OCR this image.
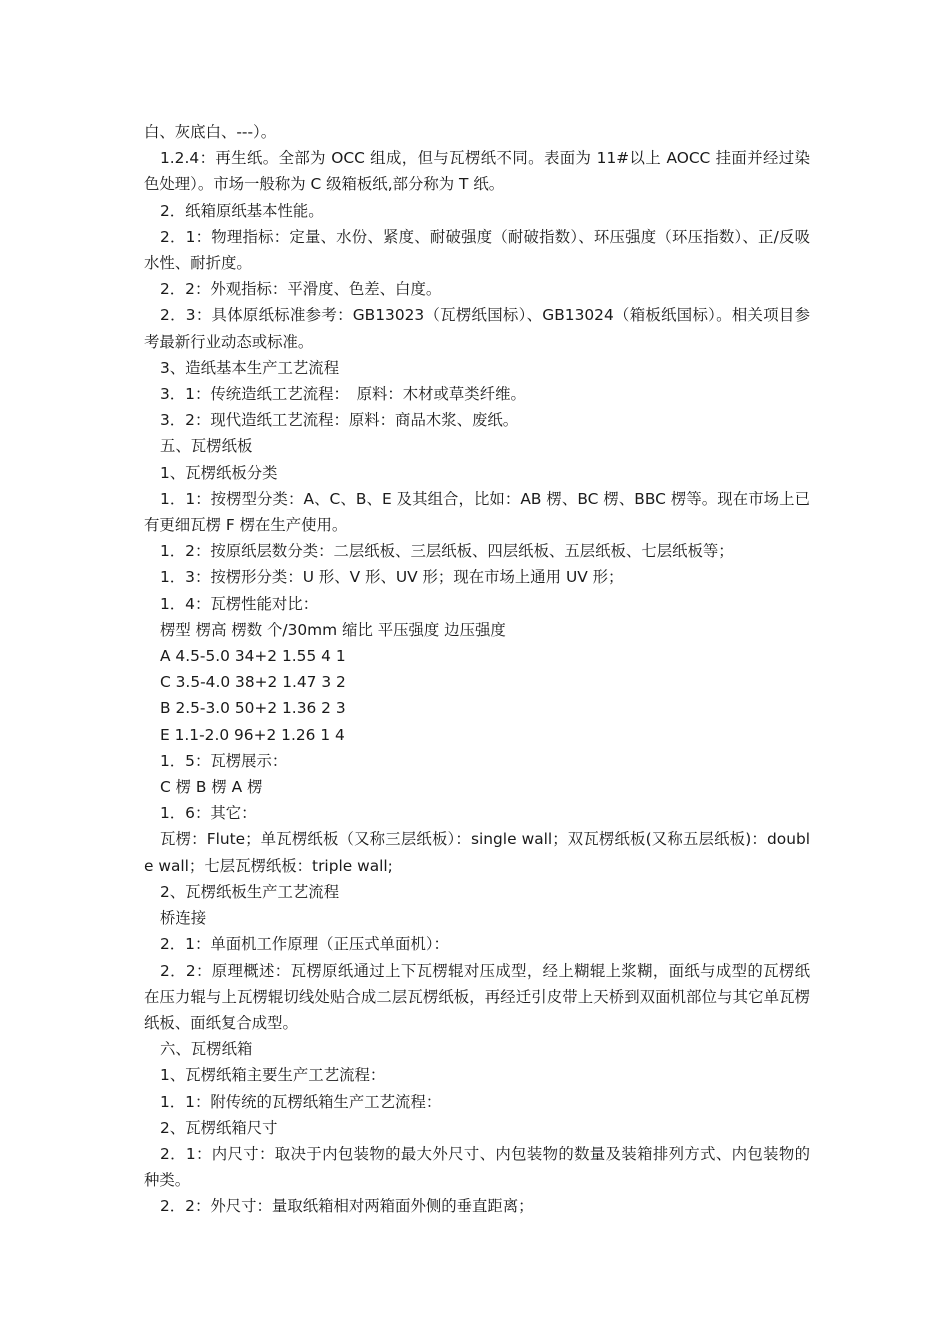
白、灰底白、---）。

1.2.4：再生纸。全部为 OCC 组成，但与瓦楞纸不同。表面为 11#以上 AOCC 挂面并经过染色处理）。市场一般称为 C 级箱板纸,部分称为 T 纸。

2．纸箱原纸基本性能。

2．1：物理指标：定量、水份、紧度、耐破强度（耐破指数）、环压强度（环压指数）、正/反吸水性、耐折度。

2．2：外观指标：平滑度、色差、白度。

2．3：具体原纸标准参考：GB13023（瓦楞纸国标）、GB13024（箱板纸国标）。相关项目参考最新行业动态或标准。

3、造纸基本生产工艺流程

3．1：传统造纸工艺流程：　原料：木材或草类纤维。

3．2：现代造纸工艺流程：原料：商品木浆、废纸。

五、瓦楞纸板

1、瓦楞纸板分类

1．1：按楞型分类：A、C、B、E 及其组合，比如：AB 楞、BC 楞、BBC 楞等。现在市场上已有更细瓦楞 F 楞在生产使用。

1．2：按原纸层数分类：二层纸板、三层纸板、四层纸板、五层纸板、七层纸板等；

1．3：按楞形分类：U 形、V 形、UV 形；现在市场上通用 UV 形；

1．4：瓦楞性能对比：

楞型 楞高 楞数 个/30mm 缩比 平压强度 边压强度

A 4.5-5.0 34+2 1.55 4 1

C 3.5-4.0 38+2 1.47 3 2

B 2.5-3.0 50+2 1.36 2 3

E 1.1-2.0 96+2 1.26 1 4

1．5：瓦楞展示：

C 楞 B 楞 A 楞

1．6：其它：

瓦楞：Flute；单瓦楞纸板（又称三层纸板）：single wall；双瓦楞纸板(又称五层纸板)：double wall；七层瓦楞纸板：triple wall;

2、瓦楞纸板生产工艺流程

桥连接

2．1：单面机工作原理（正压式单面机）：

2．2：原理概述：瓦楞原纸通过上下瓦楞辊对压成型，经上糊辊上浆糊，面纸与成型的瓦楞纸在压力辊与上瓦楞辊切线处贴合成二层瓦楞纸板，再经迁引皮带上天桥到双面机部位与其它单瓦楞纸板、面纸复合成型。

六、瓦楞纸箱

1、瓦楞纸箱主要生产工艺流程：

1．1：附传统的瓦楞纸箱生产工艺流程：

2、瓦楞纸箱尺寸

2．1：内尺寸：取决于内包装物的最大外尺寸、内包装物的数量及装箱排列方式、内包装物的种类。

2．2：外尺寸：量取纸箱相对两箱面外侧的垂直距离；
